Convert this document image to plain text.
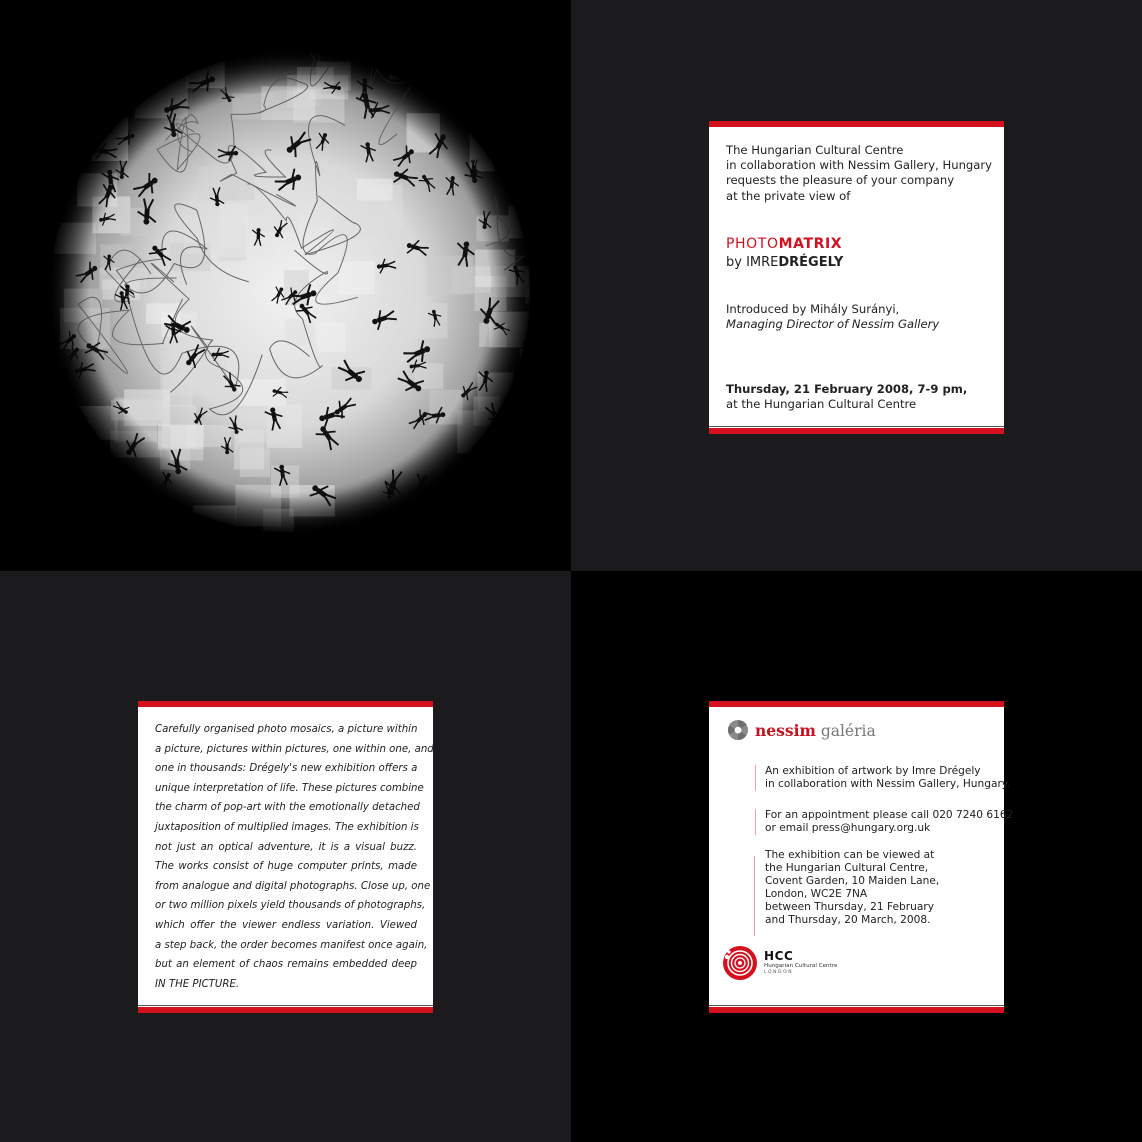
The Hungarian Cultural Centre
in collaboration with Nessim Gallery, Hungary
requests the pleasure of your company
at the private view of
PHOTOMATRIX
by IMREDRÉGELY
Introduced by Mihály Surányi,
Managing Director of Nessim Gallery
Thursday, 21 February 2008, 7-9 pm,
at the Hungarian Cultural Centre
Carefully organised photo mosaics, a picture within
a picture, pictures within pictures, one within one, and
one in thousands: Drégely's new exhibition offers a
unique interpretation of life. These pictures combine
the charm of pop-art with the emotionally detached
juxtaposition of multiplied images. The exhibition is
not just an optical adventure, it is a visual buzz.
The works consist of huge computer prints, made
from analogue and digital photographs. Close up, one
or two million pixels yield thousands of photographs,
which offer the viewer endless variation. Viewed
a step back, the order becomes manifest once again,
but an element of chaos remains embedded deep
IN THE PICTURE.
nessim galéria
An exhibition of artwork by Imre Drégely
in collaboration with Nessim Gallery, Hungary.
For an appointment please call 020 7240 6162
or email press@hungary.org.uk
The exhibition can be viewed at
the Hungarian Cultural Centre,
Covent Garden, 10 Maiden Lane,
London, WC2E 7NA
between Thursday, 21 February
and Thursday, 20 March, 2008.
HCC
Hungarian Cultural Centre
LONDON
